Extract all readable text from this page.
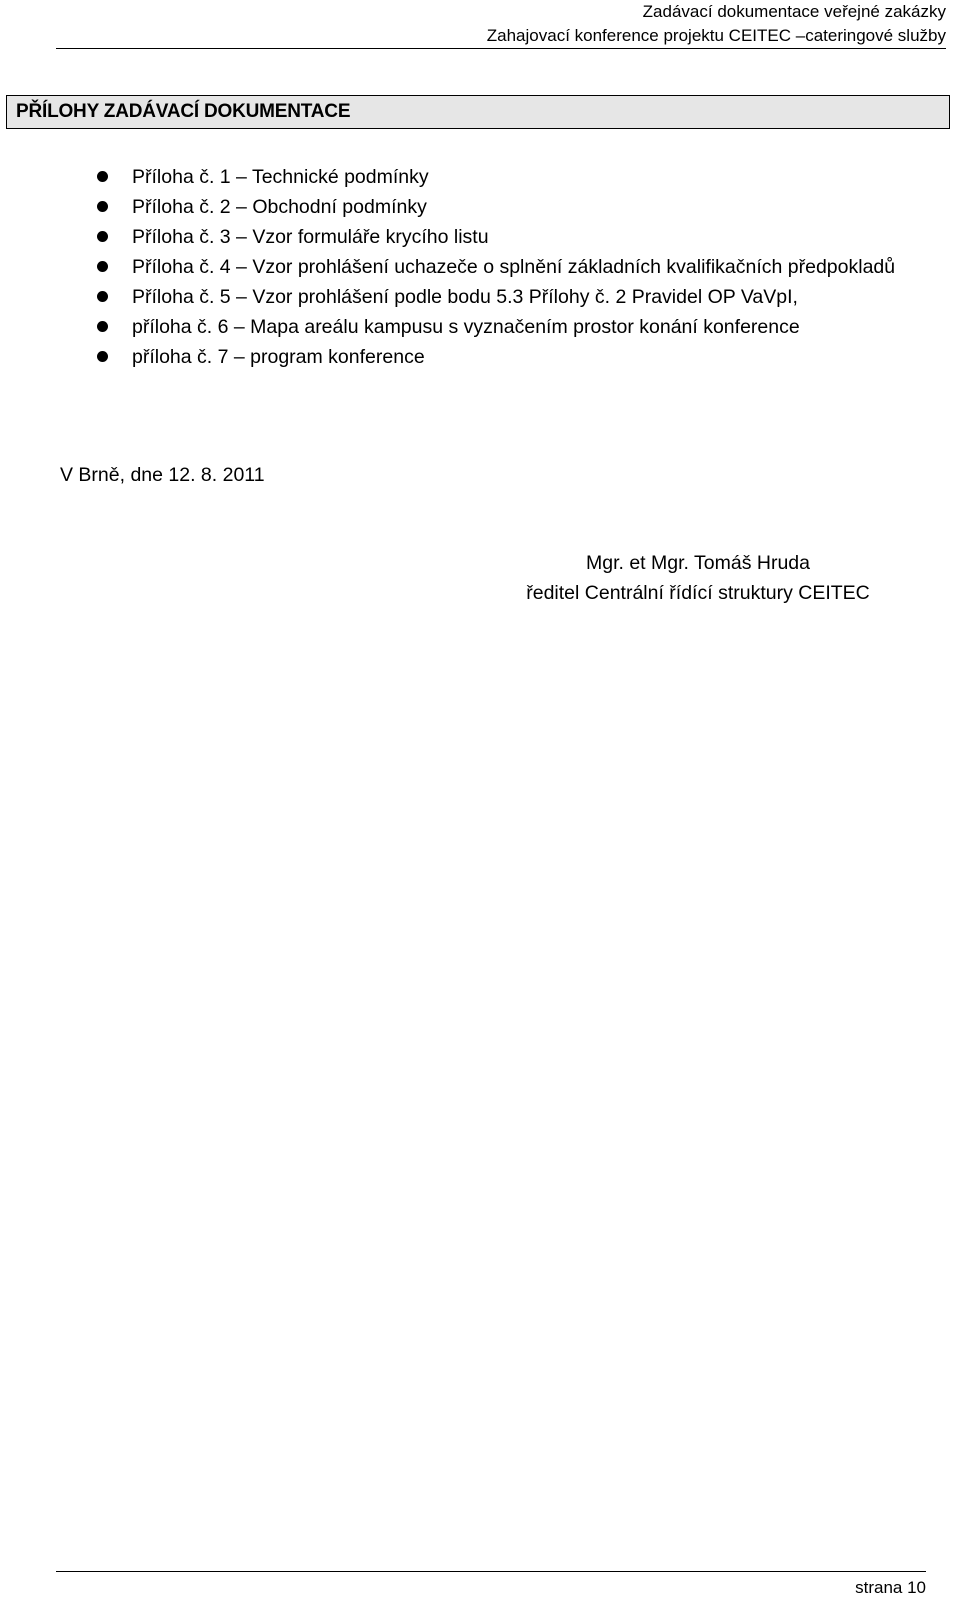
Zadávací dokumentace veřejné zakázky
Zahajovací konference projektu CEITEC –cateringové služby
PŘÍLOHY ZADÁVACÍ DOKUMENTACE
Příloha č. 1 – Technické podmínky
Příloha č. 2 – Obchodní podmínky
Příloha č. 3 – Vzor formuláře krycího listu
Příloha č. 4 – Vzor prohlášení uchazeče o splnění základních kvalifikačních předpokladů
Příloha č. 5 – Vzor prohlášení podle bodu 5.3 Přílohy č. 2 Pravidel OP VaVpI,
příloha č. 6 – Mapa areálu kampusu s vyznačením prostor konání konference
příloha č. 7 – program konference
V Brně, dne 12. 8. 2011
Mgr. et Mgr. Tomáš Hruda
ředitel Centrální řídící struktury CEITEC
strana 10
